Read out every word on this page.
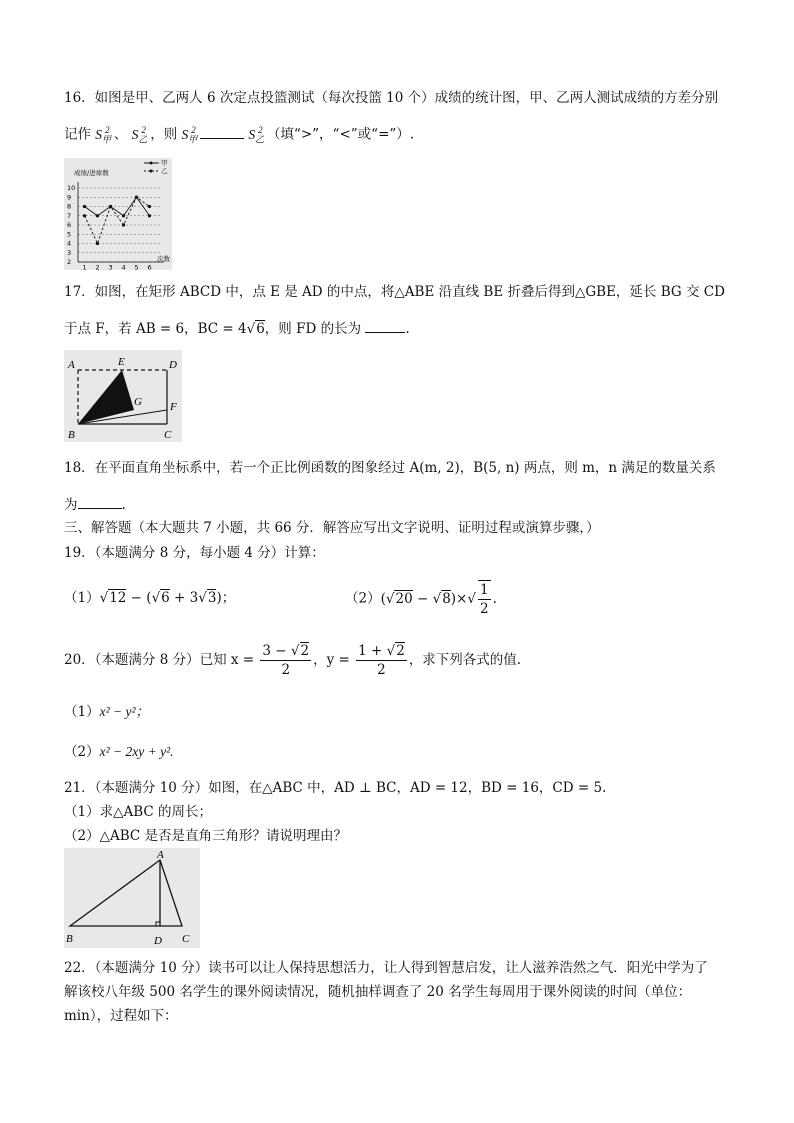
16．如图是甲、乙两人 6 次定点投篮测试（每次投篮 10 个）成绩的统计图，甲、乙两人测试成绩的方差分别
记作 $S_甲^2$ 、 $S_乙^2$ ，则 $S_甲^2$	$S_乙^2$ （填“>”，“<”或“=”）.
成绩/进球数
次数
甲
乙
2
3
4
5
6
7
8
9
10
1 2 3 4 5 6
17．如图，在矩形 ABCD 中，点 E 是 AD 的中点，将△ABE 沿直线 BE 折叠后得到△GBE，延长 BG 交 CD
于点 F，若 AB = 6，BC = 4√6，则 FD 的长为	.
A	E	D
G	F
B	C
18．在平面直角坐标系中，若一个正比例函数的图象经过 A(m, 2)，B(5, n) 两点，则 m，n 满足的数量关系
为	.
三、解答题（本大题共 7 小题，共 66 分．解答应写出文字说明、证明过程或演算步骤，）
19．（本题满分 8 分，每小题 4 分）计算：
（1）√12 − (√6 + 3√3)；	$(2)(√20 - √8)\times√ \frac{1}{2}$ .
20．（本题满分 8 分）已知 $x = \frac{3 - √2}{2}$ ，$y = \frac{1 + √2}{2}$ ，求下列各式的值.
（1）x² − y²；
（2）x² − 2xy + y².
21．（本题满分 10 分）如图，在△ABC 中，AD ⊥ BC，AD = 12，BD = 16，CD = 5.
（1）求△ABC 的周长；
（2）△ABC 是否是直角三角形？请说明理由？
A
B	D C
22．（本题满分 10 分）读书可以让人保持思想活力，让人得到智慧启发，让人滋养浩然之气．阳光中学为了
解该校八年级 500 名学生的课外阅读情况，随机抽样调查了 20 名学生每周用于课外阅读的时间（单位：
min），过程如下：
